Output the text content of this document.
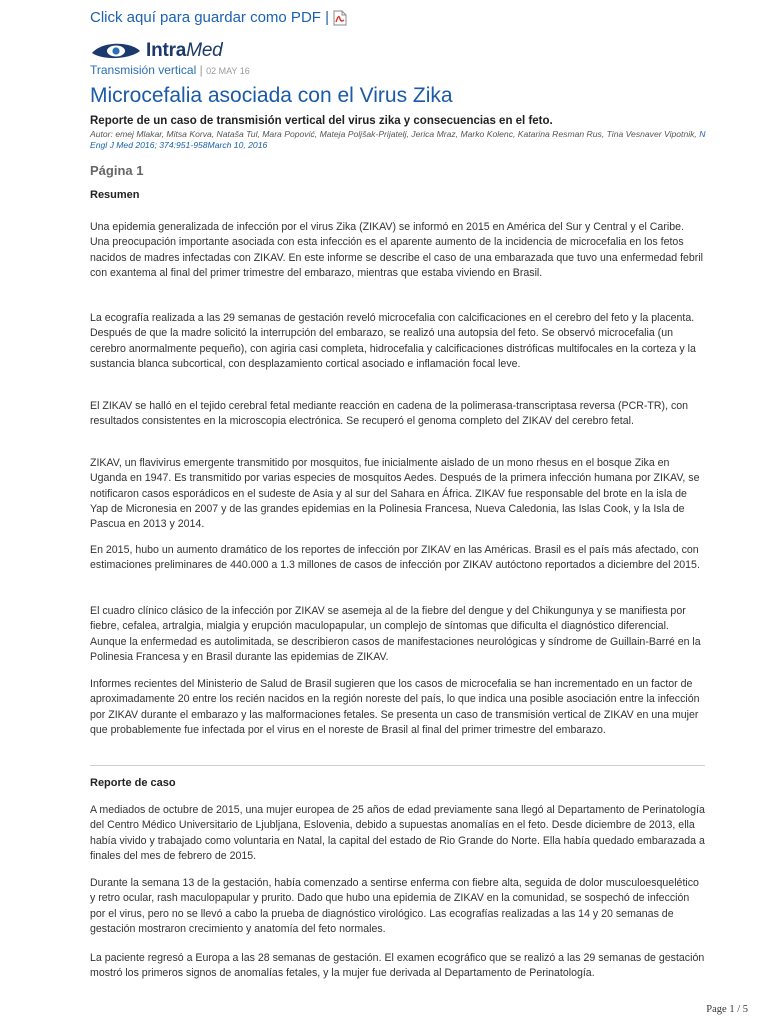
Click aquí para guardar como PDF |
IntraMed
Transmisión vertical | 02 MAY 16
Microcefalia asociada con el Virus Zika

Reporte de un caso de transmisión vertical del virus zika y consecuencias en el feto.

Autor: emej Mlakar, Mitsa Korva, Nataša Tul, Mara Popović, Mateja Poljšak-Prijatelj, Jerica Mraz, Marko Kolenc, Katarina Resman Rus, Tina Vesnaver Vipotnik, N Engl J Med 2016; 374:951-958March 10, 2016
Página 1
Resumen

Una epidemia generalizada de infección por el virus Zika (ZIKAV) se informó en 2015 en América del Sur y Central y el Caribe. Una preocupación importante asociada con esta infección es el aparente aumento de la incidencia de microcefalia en los fetos nacidos de madres infectadas con ZIKAV. En este informe se describe el caso de una embarazada que tuvo una enfermedad febril con exantema al final del primer trimestre del embarazo, mientras que estaba viviendo en Brasil.

La ecografía realizada a las 29 semanas de gestación reveló microcefalia con calcificaciones en el cerebro del feto y la placenta. Después de que la madre solicitó la interrupción del embarazo, se realizó una autopsia del feto. Se observó microcefalia (un cerebro anormalmente pequeño), con agiria casi completa, hidrocefalia y calcificaciones distróficas multifocales en la corteza y la sustancia blanca subcortical, con desplazamiento cortical asociado e inflamación focal leve.

El ZIKAV se halló en el tejido cerebral fetal mediante reacción en cadena de la polimerasa-transcriptasa reversa (PCR-TR), con resultados consistentes en la microscopia electrónica. Se recuperó el genoma completo del ZIKAV del cerebro fetal.

ZIKAV, un flavivirus emergente transmitido por mosquitos, fue inicialmente aislado de un mono rhesus en el bosque Zika en Uganda en 1947. Es transmitido por varias especies de mosquitos Aedes. Después de la primera infección humana por ZIKAV, se notificaron casos esporádicos en el sudeste de Asia y al sur del Sahara en África. ZIKAV fue responsable del brote en la isla de Yap de Micronesia en 2007 y de las grandes epidemias en la Polinesia Francesa, Nueva Caledonia, las Islas Cook, y la Isla de Pascua en 2013 y 2014.

En 2015, hubo un aumento dramático de los reportes de infección por ZIKAV en las Américas. Brasil es el país más afectado, con estimaciones preliminares de 440.000 a 1.3 millones de casos de infección por ZIKAV autóctono reportados a diciembre del 2015.

El cuadro clínico clásico de la infección por ZIKAV se asemeja al de la fiebre del dengue y del Chikungunya y se manifiesta por fiebre, cefalea, artralgia, mialgia y erupción maculopapular, un complejo de síntomas que dificulta el diagnóstico diferencial. Aunque la enfermedad es autolimitada, se describieron casos de manifestaciones neurológicas y síndrome de Guillain-Barré en la Polinesia Francesa y en Brasil durante las epidemias de ZIKAV.

Informes recientes del Ministerio de Salud de Brasil sugieren que los casos de microcefalia se han incrementado en un factor de aproximadamente 20 entre los recién nacidos en la región noreste del país, lo que indica una posible asociación entre la infección por ZIKAV durante el embarazo y las malformaciones fetales. Se presenta un caso de transmisión vertical de ZIKAV en una mujer que probablemente fue infectada por el virus en el noreste de Brasil al final del primer trimestre del embarazo.

Reporte de caso

A mediados de octubre de 2015, una mujer europea de 25 años de edad previamente sana llegó al Departamento de Perinatología del Centro Médico Universitario de Ljubljana, Eslovenia, debido a supuestas anomalías en el feto. Desde diciembre de 2013, ella había vivido y trabajado como voluntaria en Natal, la capital del estado de Rio Grande do Norte. Ella había quedado embarazada a finales del mes de febrero de 2015.

Durante la semana 13 de la gestación, había comenzado a sentirse enferma con fiebre alta, seguida de dolor musculoesquelético y retro ocular, rash maculopapular y prurito. Dado que hubo una epidemia de ZIKAV en la comunidad, se sospechó de infección por el virus, pero no se llevó a cabo la prueba de diagnóstico virológico. Las ecografías realizadas a las 14 y 20 semanas de gestación mostraron crecimiento y anatomía del feto normales.

La paciente regresó a Europa a las 28 semanas de gestación. El examen ecográfico que se realizó a las 29 semanas de gestación mostró los primeros signos de anomalías fetales, y la mujer fue derivada al Departamento de Perinatología.

Page 1 / 5
